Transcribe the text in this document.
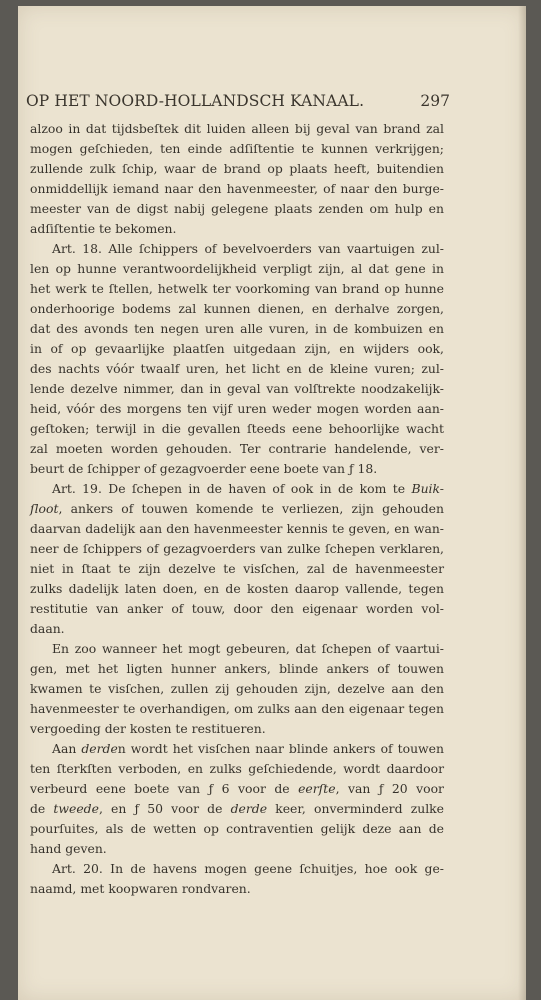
OP HET NOORD-HOLLANDSCH KANAAL.	297
alzoo in dat tijdsbeſtek dit luiden alleen bij geval van brand zal
mogen geſchieden, ten einde adſiſtentie te kunnen verkrijgen;
zullende zulk ſchip, waar de brand op plaats heeft, buitendien
onmiddellijk iemand naar den havenmeester, of naar den burge-
meester van de digst nabij gelegene plaats zenden om hulp en
adſiſtentie te bekomen.
Art. 18. Alle ſchippers of bevelvoerders van vaartuigen zul-
len op hunne verantwoordelijkheid verpligt zijn, al dat gene in
het werk te ſtellen, hetwelk ter voorkoming van brand op hunne
onderhoorige bodems zal kunnen dienen, en derhalve zorgen,
dat des avonds ten negen uren alle vuren, in de kombuizen en
in of op gevaarlijke plaatſen uitgedaan zijn, en wijders ook,
des nachts vóór twaalf uren, het licht en de kleine vuren; zul-
lende dezelve nimmer, dan in geval van volſtrekte noodzakelijk-
heid, vóór des morgens ten vijf uren weder mogen worden aan-
geſtoken; terwijl in die gevallen ſteeds eene behoorlijke wacht
zal moeten worden gehouden. Ter contrarie handelende, ver-
beurt de ſchipper of gezagvoerder eene boete van ƒ 18.
Art. 19. De ſchepen in de haven of ook in de kom te Buik-
ſloot, ankers of touwen komende te verliezen, zijn gehouden
daarvan dadelijk aan den havenmeester kennis te geven, en wan-
neer de ſchippers of gezagvoerders van zulke ſchepen verklaren,
niet in ſtaat te zijn dezelve te visſchen, zal de havenmeester
zulks dadelijk laten doen, en de kosten daarop vallende, tegen
restitutie van anker of touw, door den eigenaar worden vol-
daan.
En zoo wanneer het mogt gebeuren, dat ſchepen of vaartui-
gen, met het ligten hunner ankers, blinde ankers of touwen
kwamen te visſchen, zullen zij gehouden zijn, dezelve aan den
havenmeester te overhandigen, om zulks aan den eigenaar tegen
vergoeding der kosten te restitueren.
Aan derden wordt het visſchen naar blinde ankers of touwen
ten ſterkſten verboden, en zulks geſchiedende, wordt daardoor
verbeurd eene boete van ƒ 6 voor de eerſte, van ƒ 20 voor
de tweede, en ƒ 50 voor de derde keer, onverminderd zulke
pourſuites, als de wetten op contraventien gelijk deze aan de
hand geven.
Art. 20. In de havens mogen geene ſchuitjes, hoe ook ge-
naamd, met koopwaren rondvaren.
